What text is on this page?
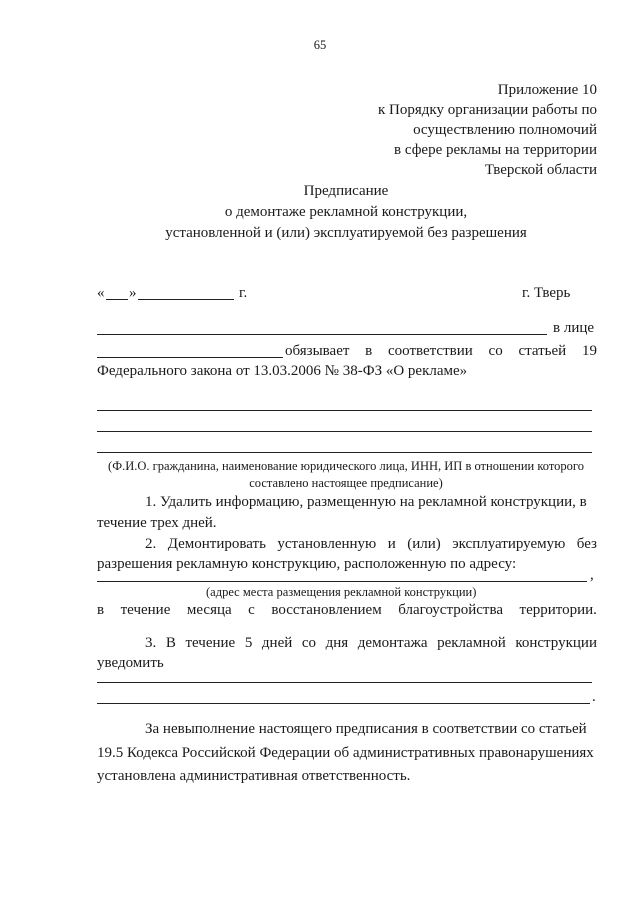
65
Приложение 10
к Порядку организации работы по
осуществлению полномочий
в сфере рекламы на территории
Тверской области
Предписание
о демонтаже рекламной конструкции,
установленной и (или) эксплуатируемой без разрешения
« »	г.	г. Тверь
в лице
обязывает в соответствии со статьей 19
Федерального закона от 13.03.2006 № 38-ФЗ «О рекламе»
(Ф.И.О. гражданина, наименование юридического лица, ИНН, ИП в отношении которого
составлено настоящее предписание)
1. Удалить информацию, размещенную на рекламной конструкции, в
течение трех дней.
2. Демонтировать установленную и (или) эксплуатируемую без
разрешения рекламную конструкцию, расположенную по адресу:
,
(адрес места размещения рекламной конструкции)
в течение месяца с восстановлением благоустройства территории.
3. В течение 5 дней со дня демонтажа рекламной конструкции
уведомить
.
За невыполнение настоящего предписания в соответствии со статьей
19.5 Кодекса Российской Федерации об административных правонарушениях
установлена административная ответственность.
